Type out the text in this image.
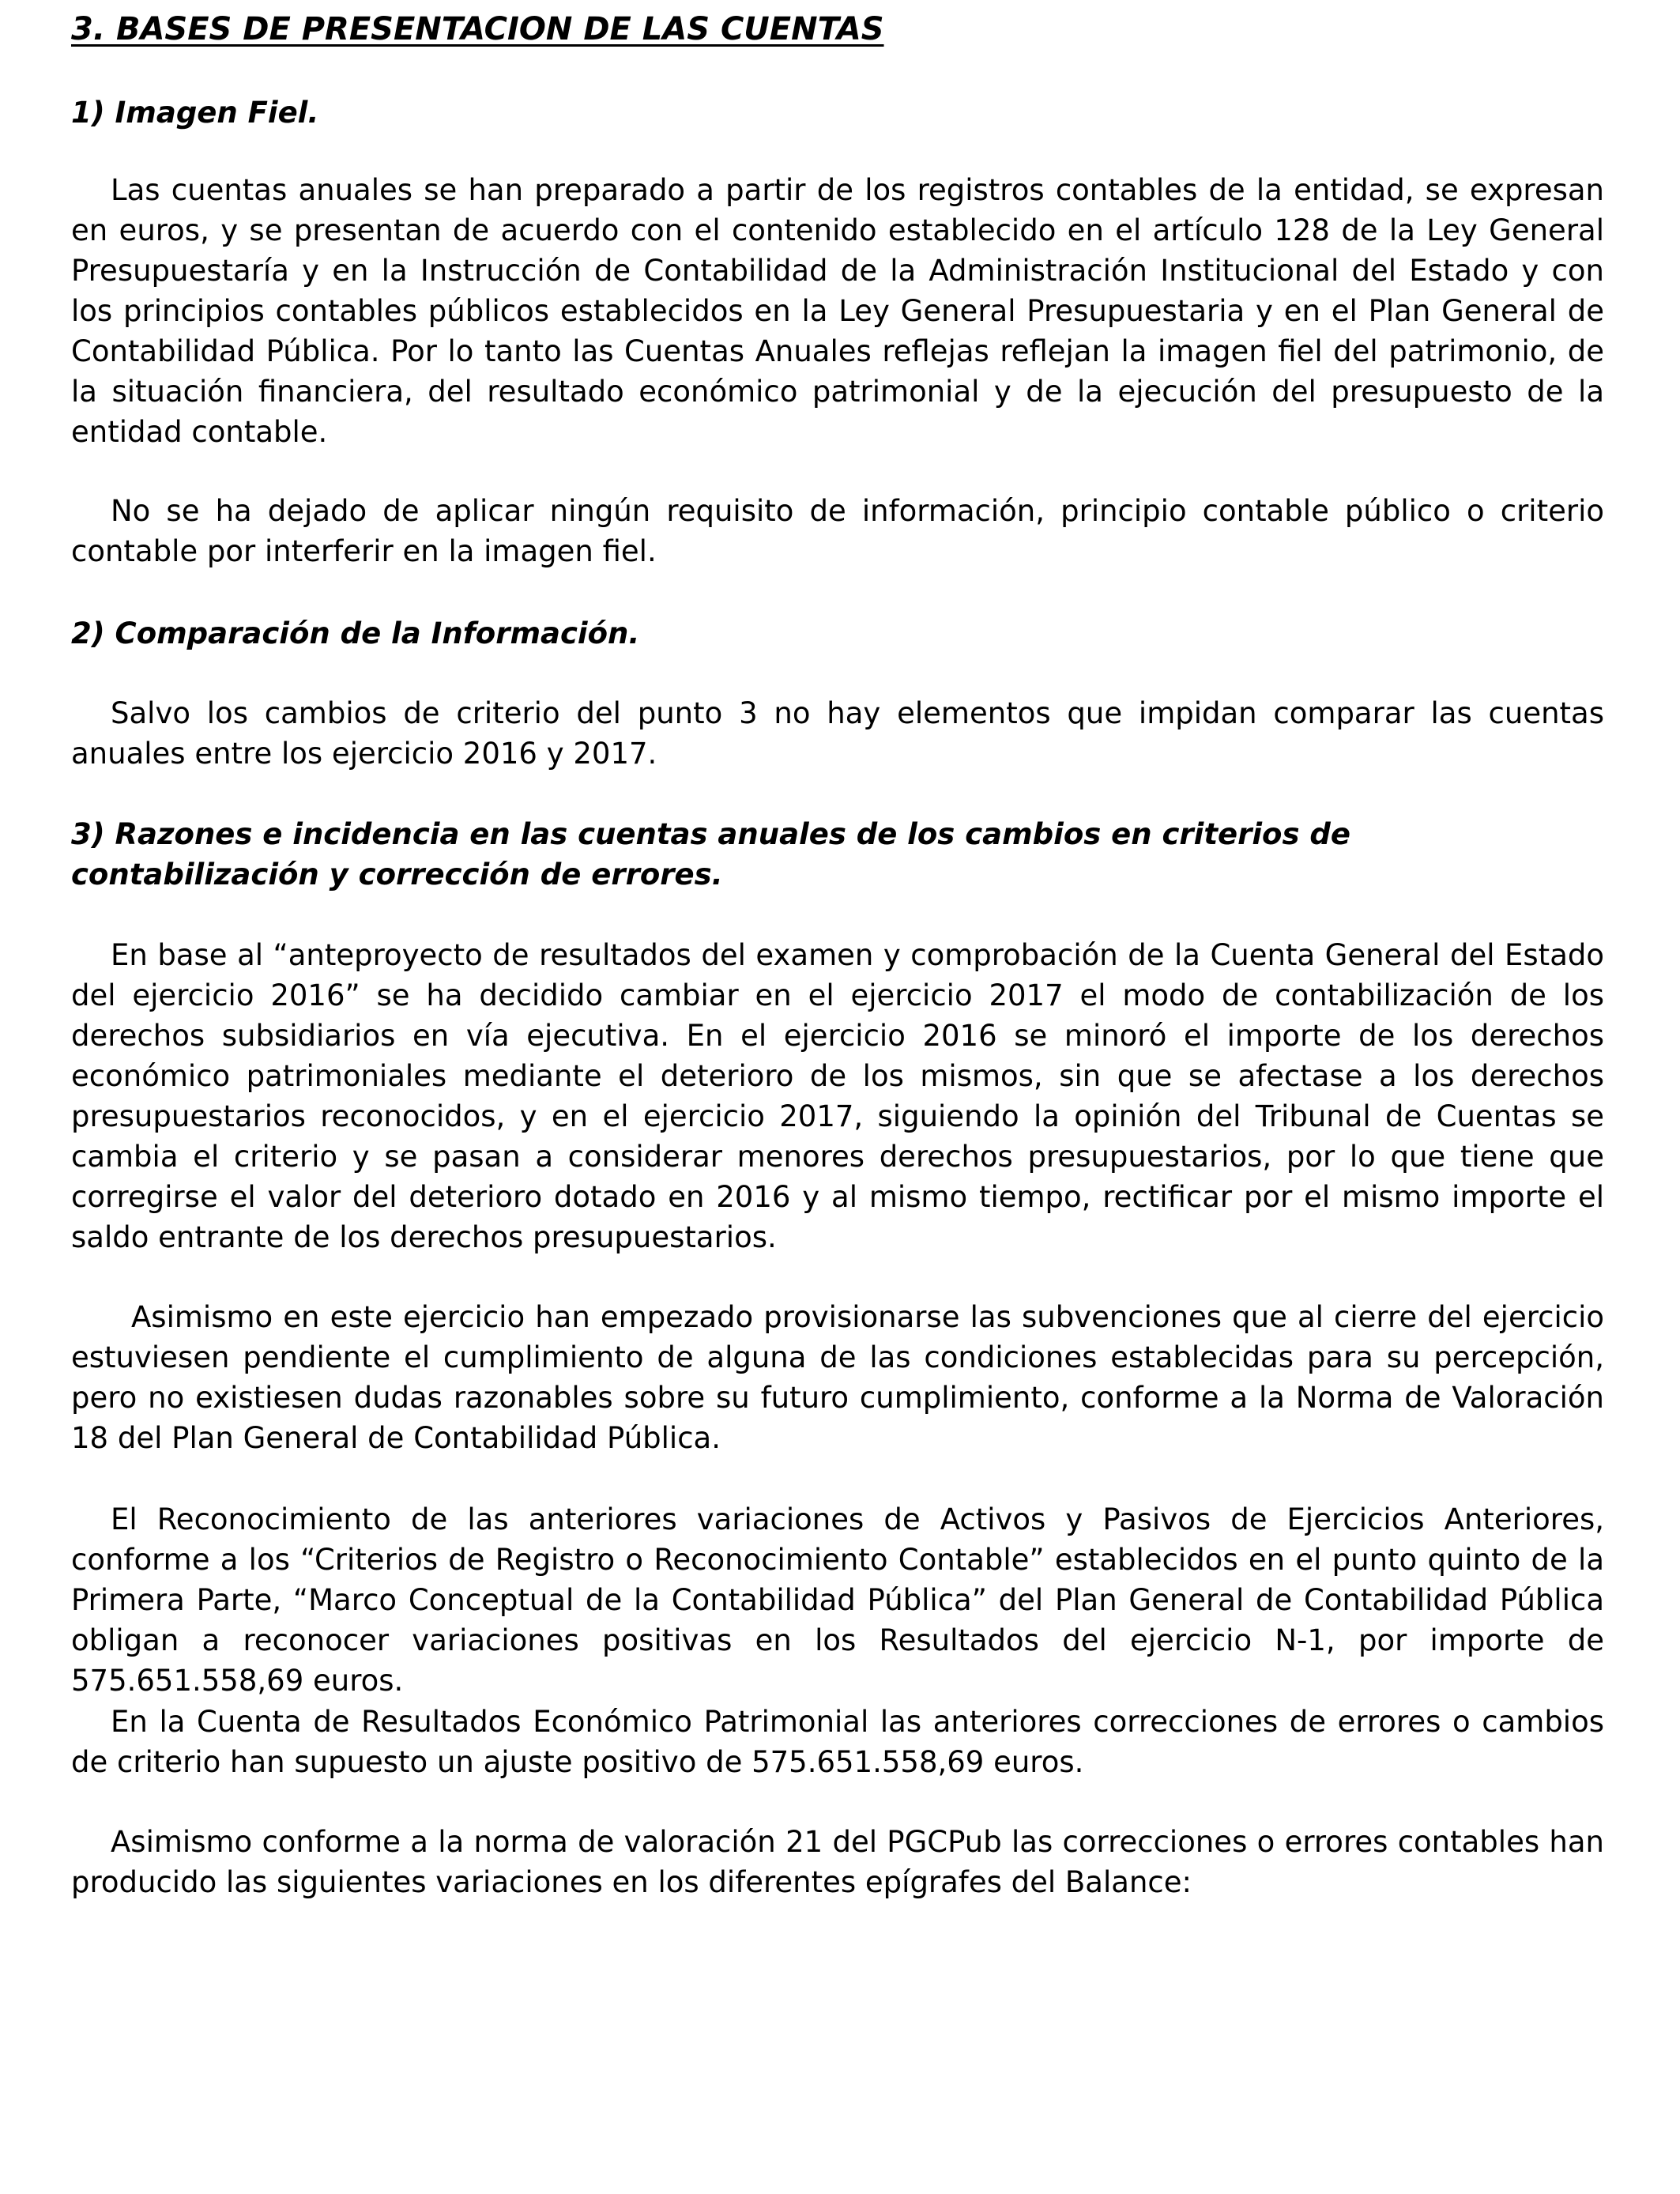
3. BASES DE PRESENTACION DE LAS CUENTAS
1) Imagen Fiel.

Las cuentas anuales se han preparado a partir de los registros contables de la entidad, se expresan en euros, y se presentan de acuerdo con el contenido establecido en el artículo 128 de la Ley General Presupuestaría y en la Instrucción de Contabilidad de la Administración Institucional del Estado y con los principios contables públicos establecidos en la Ley General Presupuestaria y en el Plan General de Contabilidad Pública. Por lo tanto las Cuentas Anuales reflejas reflejan la imagen fiel del patrimonio, de la situación financiera, del resultado económico patrimonial y de la ejecución del presupuesto de la entidad contable.

No se ha dejado de aplicar ningún requisito de información, principio contable público o criterio contable por interferir en la imagen fiel.

2) Comparación de la Información.

Salvo los cambios de criterio del punto 3 no hay elementos que impidan comparar las cuentas anuales entre los ejercicio 2016 y 2017.

3) Razones e incidencia en las cuentas anuales de los cambios en criterios de contabilización y corrección de errores.

En base al “anteproyecto de resultados del examen y comprobación de la Cuenta General del Estado del ejercicio 2016” se ha decidido cambiar en el ejercicio 2017 el modo de contabilización de los derechos subsidiarios en vía ejecutiva. En el ejercicio 2016 se minoró el importe de los derechos económico patrimoniales mediante el deterioro de los mismos, sin que se afectase a los derechos presupuestarios reconocidos, y en el ejercicio 2017, siguiendo la opinión del Tribunal de Cuentas se cambia el criterio y se pasan a considerar menores derechos presupuestarios, por lo que tiene que corregirse el valor del deterioro dotado en 2016 y al mismo tiempo, rectificar por el mismo importe el saldo entrante de los derechos presupuestarios.

Asimismo en este ejercicio han empezado provisionarse las subvenciones que al cierre del ejercicio estuviesen pendiente el cumplimiento de alguna de las condiciones establecidas para su percepción, pero no existiesen dudas razonables sobre su futuro cumplimiento, conforme a la Norma de Valoración 18 del Plan General de Contabilidad Pública.

El Reconocimiento de las anteriores variaciones de Activos y Pasivos de Ejercicios Anteriores, conforme a los “Criterios de Registro o Reconocimiento Contable” establecidos en el punto quinto de la Primera Parte, “Marco Conceptual de la Contabilidad Pública” del Plan General de Contabilidad Pública obligan a reconocer variaciones positivas en los Resultados del ejercicio N-1, por importe de 575.651.558,69 euros.

En la Cuenta de Resultados Económico Patrimonial las anteriores correcciones de errores o cambios de criterio han supuesto un ajuste positivo de 575.651.558,69 euros.

Asimismo conforme a la norma de valoración 21 del PGCPub las correcciones o errores contables han producido las siguientes variaciones en los diferentes epígrafes del Balance:
